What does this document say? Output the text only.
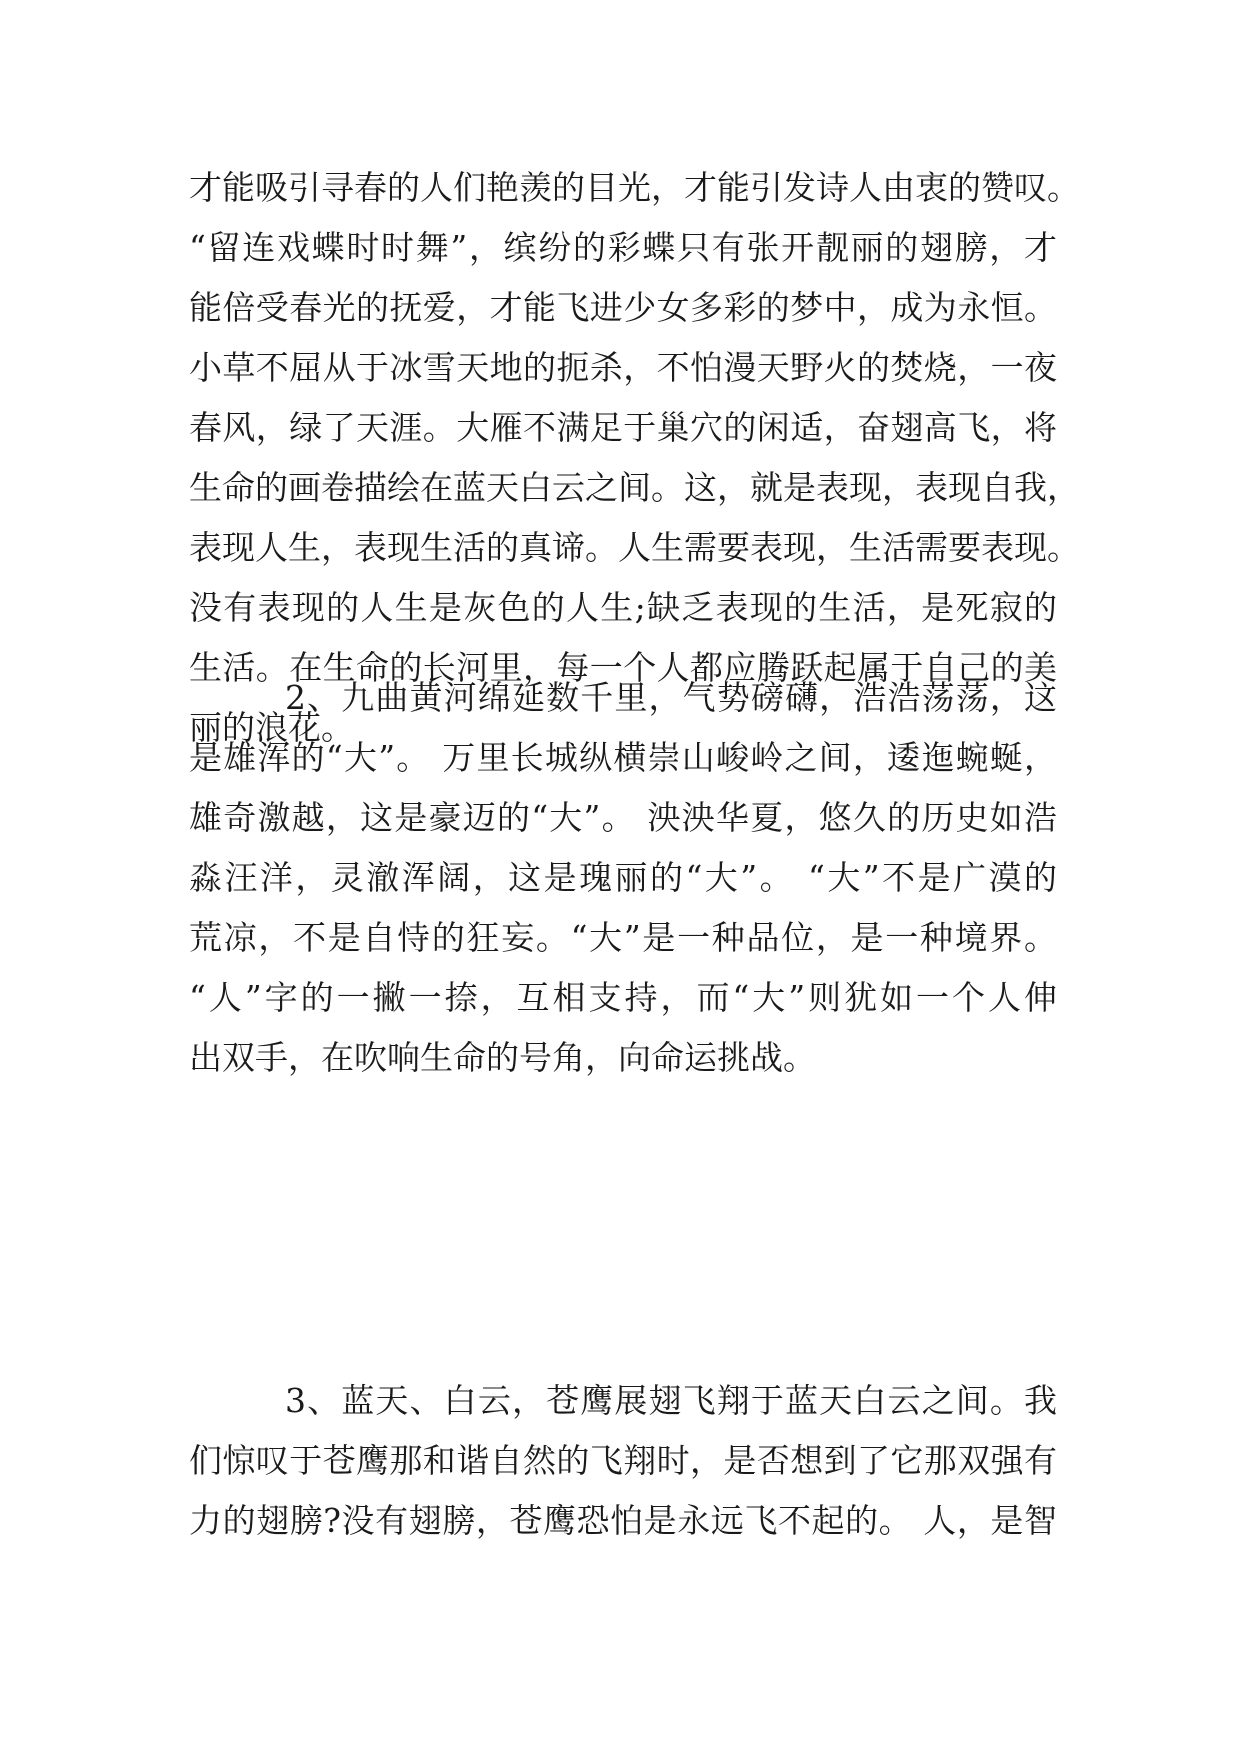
才能吸引寻春的人们艳羡的目光，才能引发诗人由衷的赞叹。
“留连戏蝶时时舞”，缤纷的彩蝶只有张开靓丽的翅膀，才
能倍受春光的抚爱，才能飞进少女多彩的梦中，成为永恒。
小草不屈从于冰雪天地的扼杀，不怕漫天野火的焚烧，一夜
春风，绿了天涯。大雁不满足于巢穴的闲适，奋翅高飞，将
生命的画卷描绘在蓝天白云之间。这，就是表现，表现自我，
表现人生，表现生活的真谛。人生需要表现，生活需要表现。
没有表现的人生是灰色的人生;缺乏表现的生活，是死寂的
生活。在生命的长河里，每一个人都应腾跃起属于自己的美
丽的浪花。
2、九曲黄河绵延数千里，气势磅礴，浩浩荡荡，这
是雄浑的“大”。 万里长城纵横崇山峻岭之间，逶迤蜿蜒，
雄奇激越，这是豪迈的“大”。 泱泱华夏，悠久的历史如浩
淼汪洋，灵澈浑阔，这是瑰丽的“大”。 “大”不是广漠的
荒凉，不是自恃的狂妄。“大”是一种品位，是一种境界。
“人”字的一撇一捺，互相支持，而“大”则犹如一个人伸
出双手，在吹响生命的号角，向命运挑战。
3、蓝天、白云，苍鹰展翅飞翔于蓝天白云之间。我
们惊叹于苍鹰那和谐自然的飞翔时，是否想到了它那双强有
力的翅膀?没有翅膀，苍鹰恐怕是永远飞不起的。 人，是智
